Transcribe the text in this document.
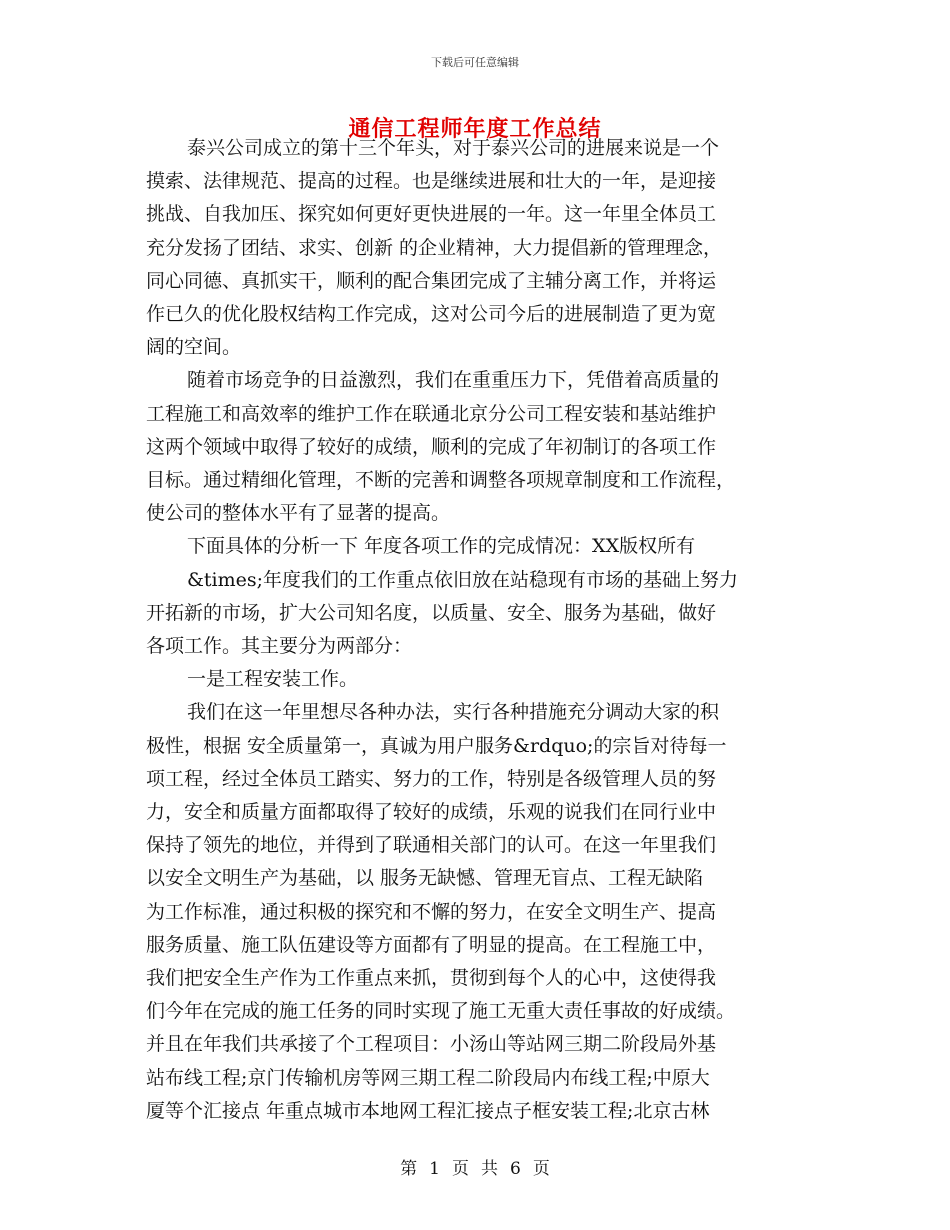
下载后可任意编辑
通信工程师年度工作总结

泰兴公司成立的第十三个年头，对于泰兴公司的进展来说是一个

摸索、法律规范、提高的过程。也是继续进展和壮大的一年，是迎接

挑战、自我加压、探究如何更好更快进展的一年。这一年里全体员工

充分发扬了团结、求实、创新 的企业精神，大力提倡新的管理理念，

同心同德、真抓实干，顺利的配合集团完成了主辅分离工作，并将运

作已久的优化股权结构工作完成，这对公司今后的进展制造了更为宽

阔的空间。

随着市场竞争的日益激烈，我们在重重压力下，凭借着高质量的

工程施工和高效率的维护工作在联通北京分公司工程安装和基站维护

这两个领域中取得了较好的成绩，顺利的完成了年初制订的各项工作

目标。通过精细化管理，不断的完善和调整各项规章制度和工作流程，

使公司的整体水平有了显著的提高。

下面具体的分析一下 年度各项工作的完成情况：XX版权所有

&times;年度我们的工作重点依旧放在站稳现有市场的基础上努力

开拓新的市场，扩大公司知名度，以质量、安全、服务为基础，做好

各项工作。其主要分为两部分：

一是工程安装工作。

我们在这一年里想尽各种办法，实行各种措施充分调动大家的积

极性，根据 安全质量第一，真诚为用户服务&rdquo;的宗旨对待每一

项工程，经过全体员工踏实、努力的工作，特别是各级管理人员的努

力，安全和质量方面都取得了较好的成绩，乐观的说我们在同行业中

保持了领先的地位，并得到了联通相关部门的认可。在这一年里我们

以安全文明生产为基础，以 服务无缺憾、管理无盲点、工程无缺陷

为工作标准，通过积极的探究和不懈的努力，在安全文明生产、提高

服务质量、施工队伍建设等方面都有了明显的提高。在工程施工中，

我们把安全生产作为工作重点来抓，贯彻到每个人的心中，这使得我

们今年在完成的施工任务的同时实现了施工无重大责任事故的好成绩。

并且在年我们共承接了个工程项目：小汤山等站网三期二阶段局外基

站布线工程;京门传输机房等网三期工程二阶段局内布线工程;中原大

厦等个汇接点 年重点城市本地网工程汇接点子框安装工程;北京古林

第 1 页 共 6 页
